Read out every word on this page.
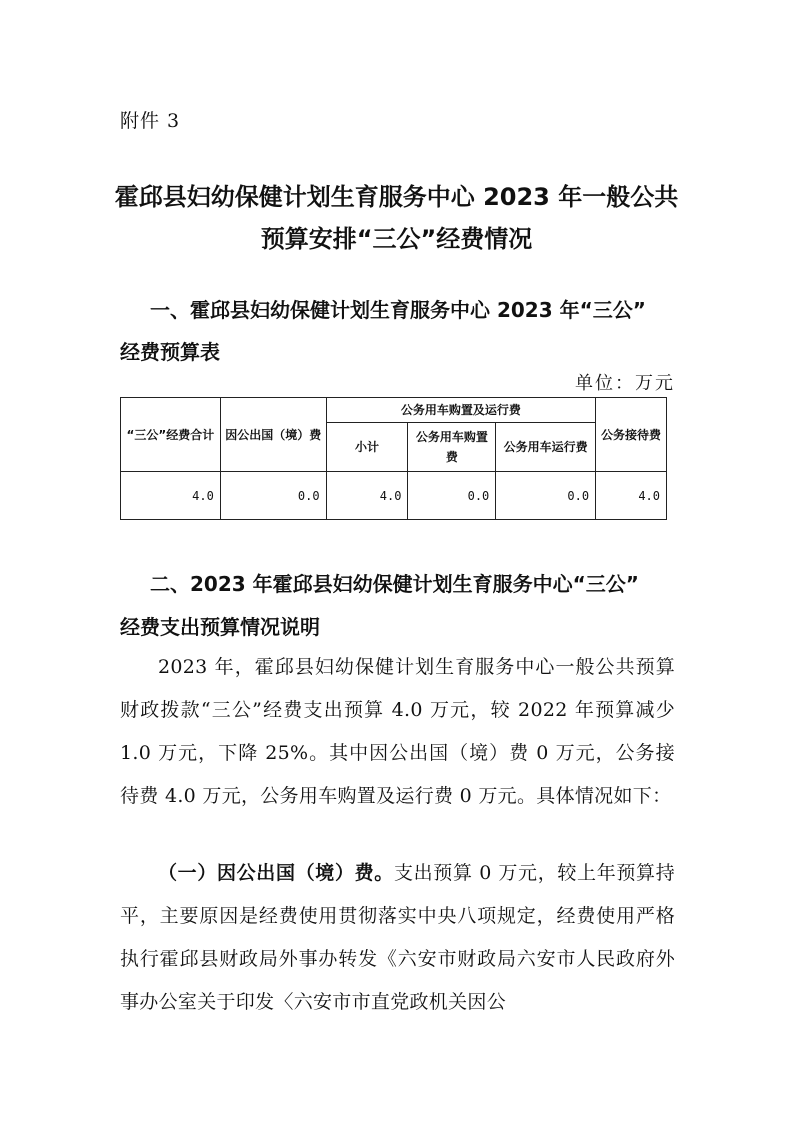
附件 3
霍邱县妇幼保健计划生育服务中心 2023 年一般公共
预算安排“三公”经费情况
一、霍邱县妇幼保健计划生育服务中心 2023 年“三公”
经费预算表
单位：万元
“三公”经费合计	因公出国（境）费	公务用车购置及运行费			公务接待费
		小计	公务用车购置费	公务用车运行费	
4.0	0.0	4.0	0.0	0.0	4.0
二、2023 年霍邱县妇幼保健计划生育服务中心“三公”
经费支出预算情况说明
2023 年，霍邱县妇幼保健计划生育服务中心一般公共预算财政拨款“三公”经费支出预算 4.0 万元，较 2022 年预算减少 1.0 万元，下降 25%。其中因公出国（境）费 0 万元，公务接待费 4.0 万元，公务用车购置及运行费 0 万元。具体情况如下：
（一）因公出国（境）费。支出预算 0 万元，较上年预算持平，主要原因是经费使用贯彻落实中央八项规定，经费使用严格执行霍邱县财政局外事办转发《六安市财政局六安市人民政府外事办公室关于印发〈六安市市直党政机关因公
